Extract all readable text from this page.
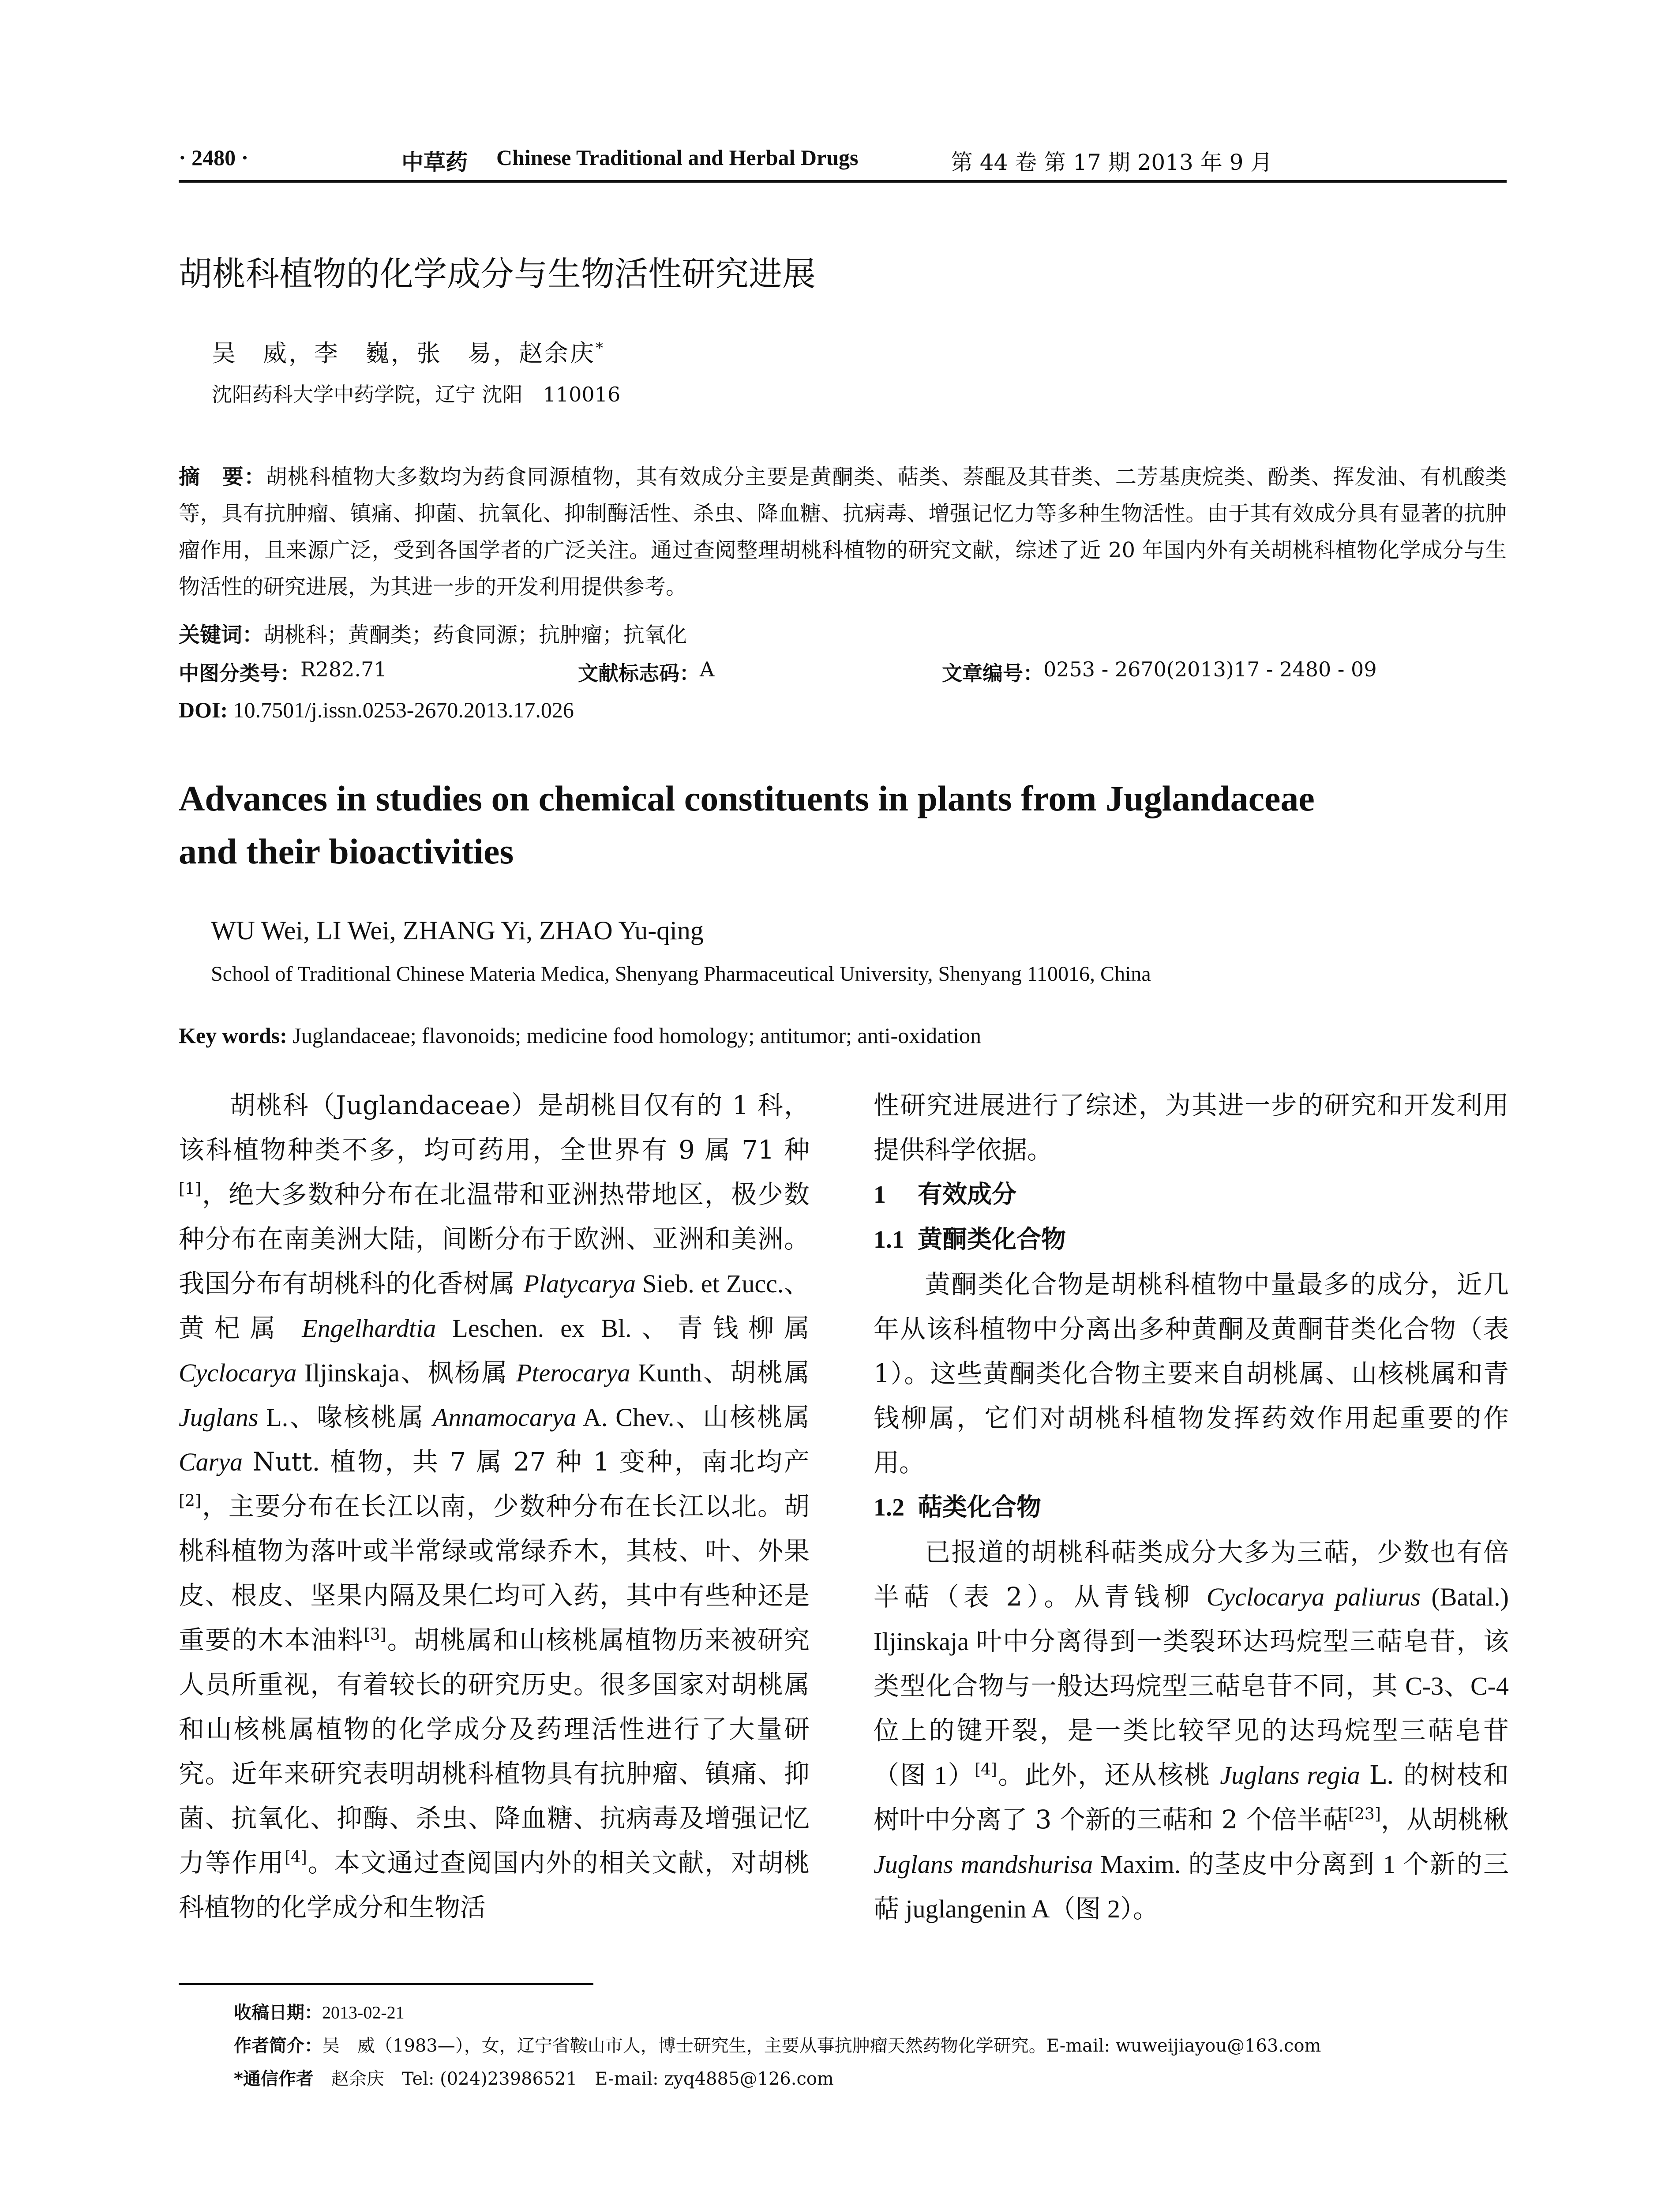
· 2480 ·	中草药 Chinese Traditional and Herbal Drugs	第 44 卷 第 17 期 2013 年 9 月
胡桃科植物的化学成分与生物活性研究进展
吴　威，李　巍，张　易，赵余庆*
沈阳药科大学中药学院，辽宁 沈阳　110016
摘　要：胡桃科植物大多数均为药食同源植物，其有效成分主要是黄酮类、萜类、萘醌及其苷类、二芳基庚烷类、酚类、挥发油、有机酸类等，具有抗肿瘤、镇痛、抑菌、抗氧化、抑制酶活性、杀虫、降血糖、抗病毒、增强记忆力等多种生物活性。由于其有效成分具有显著的抗肿瘤作用，且来源广泛，受到各国学者的广泛关注。通过查阅整理胡桃科植物的研究文献，综述了近 20 年国内外有关胡桃科植物化学成分与生物活性的研究进展，为其进一步的开发利用提供参考。
关键词：胡桃科；黄酮类；药食同源；抗肿瘤；抗氧化
中图分类号： R282.71	文献标志码： A	文章编号： 0253 - 2670(2013)17 - 2480 - 09
DOI: 10.7501/j.issn.0253-2670.2013.17.026
Advances in studies on chemical constituents in plants from Juglandaceae
and their bioactivities
WU Wei, LI Wei, ZHANG Yi, ZHAO Yu-qing
School of Traditional Chinese Materia Medica, Shenyang Pharmaceutical University, Shenyang 110016, China
Key words: Juglandaceae; flavonoids; medicine food homology; antitumor; anti-oxidation

胡桃科（Juglandaceae）是胡桃目仅有的 1 科，该科植物种类不多，均可药用，全世界有 9 属 71 种[1]，绝大多数种分布在北温带和亚洲热带地区，极少数种分布在南美洲大陆，间断分布于欧洲、亚洲和美洲。我国分布有胡桃科的化香树属 Platycarya Sieb. et Zucc.、黄杞属 Engelhardtia Leschen. ex Bl.、青钱柳属 Cyclocarya Iljinskaja、枫杨属 Pterocarya Kunth、胡桃属 Juglans L.、喙核桃属 Annamocarya A. Chev.、山核桃属 Carya Nutt. 植物，共 7 属 27 种 1 变种，南北均产[2]，主要分布在长江以南，少数种分布在长江以北。胡桃科植物为落叶或半常绿或常绿乔木，其枝、叶、外果皮、根皮、坚果内隔及果仁均可入药，其中有些种还是重要的木本油料[3]。胡桃属和山核桃属植物历来被研究人员所重视，有着较长的研究历史。很多国家对胡桃属和山核桃属植物的化学成分及药理活性进行了大量研究。近年来研究表明胡桃科植物具有抗肿瘤、镇痛、抑菌、抗氧化、抑酶、杀虫、降血糖、抗病毒及增强记忆力等作用[4]。本文通过查阅国内外的相关文献，对胡桃科植物的化学成分和生物活

性研究进展进行了综述，为其进一步的研究和开发利用提供科学依据。

1 有效成分
1.1 黄酮类化合物

黄酮类化合物是胡桃科植物中量最多的成分，近几年从该科植物中分离出多种黄酮及黄酮苷类化合物（表 1）。这些黄酮类化合物主要来自胡桃属、山核桃属和青钱柳属，它们对胡桃科植物发挥药效作用起重要的作用。

1.2 萜类化合物

已报道的胡桃科萜类成分大多为三萜，少数也有倍半萜（表 2）。从青钱柳 Cyclocarya paliurus (Batal.) Iljinskaja 叶中分离得到一类裂环达玛烷型三萜皂苷，该类型化合物与一般达玛烷型三萜皂苷不同，其 C-3、C-4 位上的键开裂，是一类比较罕见的达玛烷型三萜皂苷（图 1）[4]。此外，还从核桃 Juglans regia L. 的树枝和树叶中分离了 3 个新的三萜和 2 个倍半萜[23]，从胡桃楸 Juglans mandshurisa Maxim. 的茎皮中分离到 1 个新的三萜 juglangenin A（图 2）。

收稿日期：2013-02-21
作者简介：吴　威（1983—），女，辽宁省鞍山市人，博士研究生，主要从事抗肿瘤天然药物化学研究。E-mail: wuweijiayou@163.com
*通信作者　 赵余庆　Tel: (024)23986521　E-mail: zyq4885@126.com
